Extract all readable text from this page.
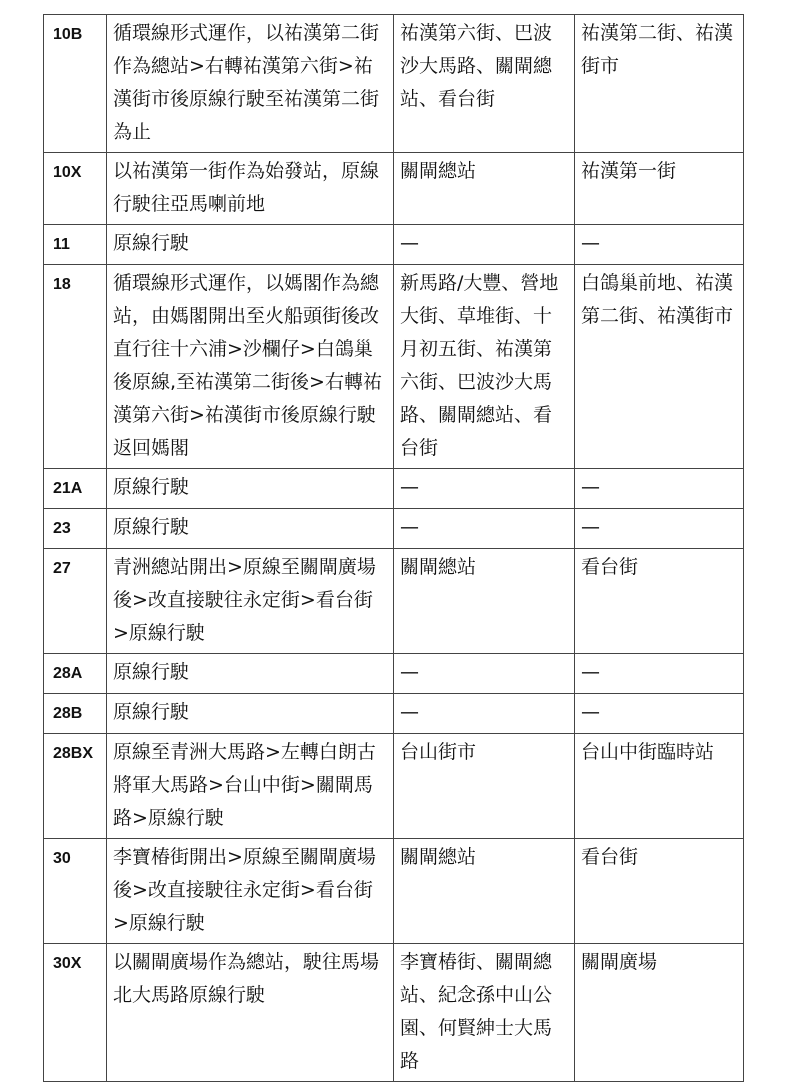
10B	循環線形式運作，以祐漢第二街作為總站>右轉祐漢第六街>祐漢街市後原線行駛至祐漢第二街為止	祐漢第六街、巴波沙大馬路、關閘總站、看台街	祐漢第二街、祐漢街市
10X	以祐漢第一街作為始發站，原線行駛往亞馬喇前地	關閘總站	祐漢第一街
11	原線行駛	—	—
18	循環線形式運作，以媽閣作為總站，由媽閣開出至火船頭街後改直行往十六浦>沙欄仔>白鴿巢後原線,至祐漢第二街後>右轉祐漢第六街>祐漢街市後原線行駛返回媽閣	新馬路/大豐、營地大街、草堆街、十月初五街、祐漢第六街、巴波沙大馬路、關閘總站、看台街	白鴿巢前地、祐漢第二街、祐漢街市
21A	原線行駛	—	—
23	原線行駛	—	—
27	青洲總站開出>原線至關閘廣場後>改直接駛往永定街>看台街>原線行駛	關閘總站	看台街
28A	原線行駛	—	—
28B	原線行駛	—	—
28BX	原線至青洲大馬路>左轉白朗古將軍大馬路>台山中街>關閘馬路>原線行駛	台山街市	台山中街臨時站
30	李寶椿街開出>原線至關閘廣場後>改直接駛往永定街>看台街>原線行駛	關閘總站	看台街
30X	以關閘廣場作為總站，駛往馬場北大馬路原線行駛	李寶椿街、關閘總站、紀念孫中山公園、何賢紳士大馬路	關閘廣場
